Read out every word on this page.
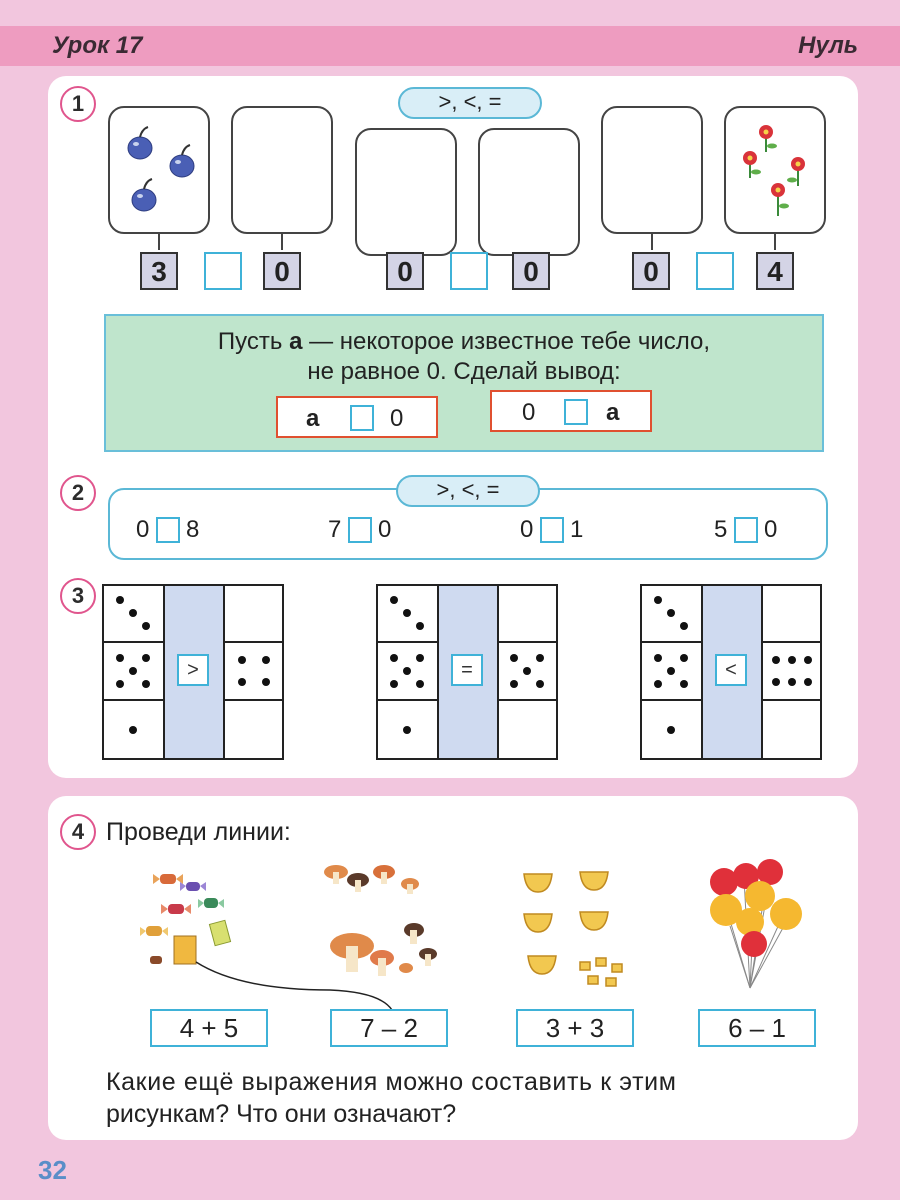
Урок 17	Нуль
1	>, <, =
3	0	0	0	0	4
Пусть а — некоторое известное тебе число,
не равное 0. Сделай вывод:
а	0	0	а
2
0 8	7 0	0 1	5 0
>, <, =
3
>	=	<
4 Проведи линии:
4 + 5	7 – 2	3 + 3	6 – 1
Какие ещё выражения можно составить к этим
рисункам? Что они означают?
32
